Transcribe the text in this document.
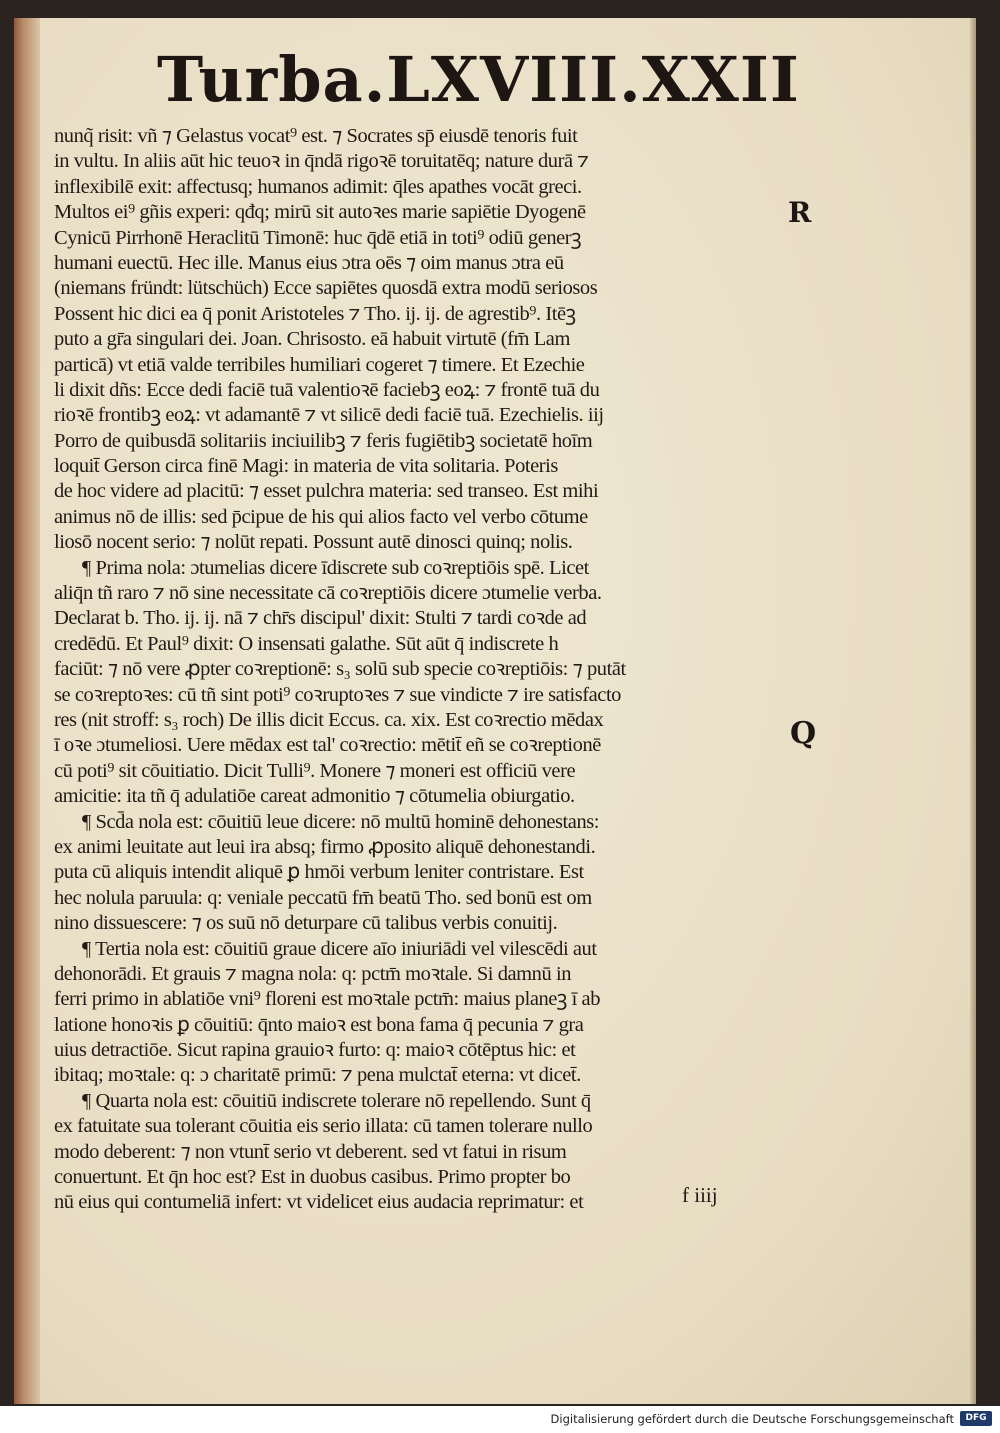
Turba.LXVIII. XXII
nunq̃ risit: vñ ⁊ Gelastus vocat⁹ est. ⁊ Socrates sp̄ eiusdē tenoris fuit
in vultu. In aliis aūt hic teuoꝛ in q̄ndā rigoꝛē toruitatēq; nature durā ⁊
inflexibilē exit: affectusq; humanos adimit: q̄les apathes vocāt greci.
Multos ei⁹ gñis experi: qđq; mirū sit autoꝛes marie sapiētie Dyogenē
Cynicū Pirrhonē Heraclitū Timonē: huc q̄dē etiā in toti⁹ odiū generꝫ
humani euectū. Hec ille. Manus eius ɔtra oēs ⁊ oim manus ɔtra eū
(niemans fründt: lütschüch) Ecce sapiētes quosdā extra modū seriosos
Possent hic dici ea q̄ ponit Aristoteles ⁊ Tho. ij. ij. de agrestib⁹. Itēꝫ
puto a gr̄a singulari dei. Joan. Chrisosto. eā habuit virtutē (fm̄ Lam
particā) vt etiā valde terribiles humiliari cogeret ⁊ timere. Et Ezechie
li dixit dñs: Ecce dedi faciē tuā valentioꝛē faciebꝫ eoꝝ: ⁊ frontē tuā du
rioꝛē frontibꝫ eoꝝ: vt adamantē ⁊ vt silicē dedi faciē tuā. Ezechielis. iij
Porro de quibusdā solitariis inciuilibꝫ ⁊ feris fugiētibꝫ societatē hoīm
loquit̄ Gerson circa finē Magi: in materia de vita solitaria. Poteris
de hoc videre ad placitū: ⁊ esset pulchra materia: sed transeo. Est mihi
animus nō de illis: sed p̄cipue de his qui alios facto vel verbo cōtume
liosō nocent serio: ⁊ nolūt repati. Possunt autē dinosci quinq; nolis.
¶ Prima nola: ɔtumelias dicere īdiscrete sub coꝛreptiōis spē. Licet
aliq̄n tñ raro ⁊ nō sine necessitate cā coꝛreptiōis dicere ɔtumelie verba.
Declarat b. Tho. ij. ij. nā ⁊ chr̄s discipul' dixit: Stulti ⁊ tardi coꝛde ad
credēdū. Et Paul⁹ dixit: O insensati galathe. Sūt aūt q̄ indiscrete h
faciūt: ⁊ nō vere ꝓpter coꝛreptionē: s₃ solū sub specie coꝛreptiōis: ⁊ putāt
se coꝛreptoꝛes: cū tñ sint poti⁹ coꝛruptoꝛes ⁊ sue vindicte ⁊ ire satisfacto
res (nit stroff: s₃ roch) De illis dicit Eccus. ca. xix. Est coꝛrectio mēdax
ī oꝛe ɔtumeliosi. Uere mēdax est tal' coꝛrectio: mētit̄ eñ se coꝛreptionē
cū poti⁹ sit cōuitiatio. Dicit Tulli⁹. Monere ⁊ moneri est officiū vere
amicitie: ita tñ q̄ adulatiōe careat admonitio ⁊ cōtumelia obiurgatio.
¶ Scd̄a nola est: cōuitiū leue dicere: nō multū hominē dehonestans:
ex animi leuitate aut leui ira absq; firmo ꝓposito aliquē dehonestandi.
puta cū aliquis intendit aliquē ꝑ hmōi verbum leniter contristare. Est
hec nolula paruula: q: veniale peccatū fm̄ beatū Tho. sed bonū est om
nino dissuescere: ⁊ os suū nō deturpare cū talibus verbis conuitij.
¶ Tertia nola est: cōuitiū graue dicere aīo iniuriādi vel vilescēdi aut
dehonorādi. Et grauis ⁊ magna nola: q: pctm̄ moꝛtale. Si damnū in
ferri primo in ablatiōe vni⁹ floreni est moꝛtale pctm̄: maius planeꝫ ī ab
latione honoꝛis ꝑ cōuitiū: q̄nto maioꝛ est bona fama q̄ pecunia ⁊ gra
uius detractiōe. Sicut rapina grauioꝛ furto: q: maioꝛ cōtēptus hic: et
ibitaq; moꝛtale: q: ɔ charitatē primū: ⁊ pena mulctat̄ eterna: vt dicet̄.
¶ Quarta nola est: cōuitiū indiscrete tolerare nō repellendo. Sunt q̄
ex fatuitate sua tolerant cōuitia eis serio illata: cū tamen tolerare nullo
modo deberent: ⁊ non vtunt̄ serio vt deberent. sed vt fatui in risum
conuertunt. Et q̄n hoc est? Est in duobus casibus. Primo propter bo
nū eius qui contumeliā infert: vt videlicet eius audacia reprimatur: et
R
Q
f iiij
Digitalisierung gefördert durch die Deutsche Forschungsgemeinschaft	DFG
